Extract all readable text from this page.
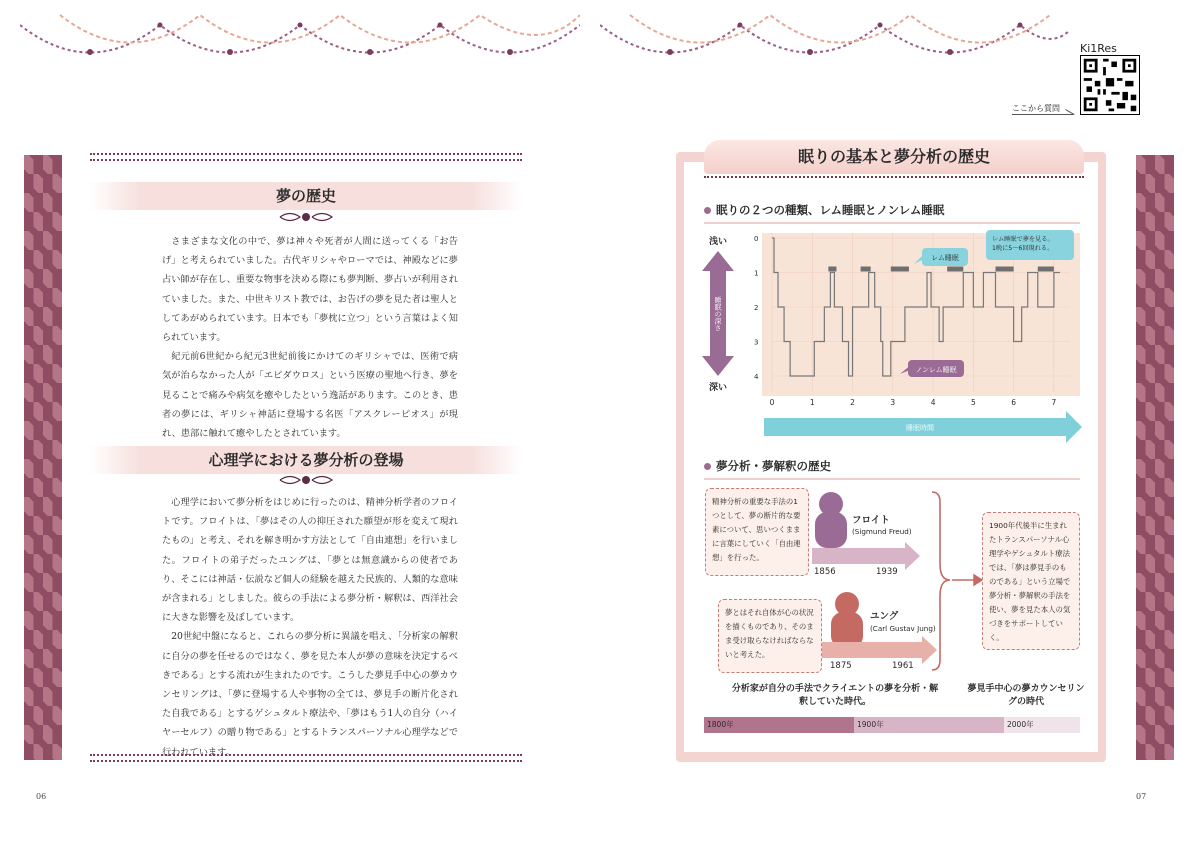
Ki1Res
ここから質問
夢の歴史

さまざまな文化の中で、夢は神々や死者が人間に送ってくる「お告げ」と考えられていました。古代ギリシャやローマでは、神殿などに夢占い師が存在し、重要な物事を決める際にも夢判断、夢占いが利用されていました。また、中世キリスト教では、お告げの夢を見た者は聖人としてあがめられています。日本でも「夢枕に立つ」という言葉はよく知られています。

紀元前6世紀から紀元3世紀前後にかけてのギリシャでは、医術で病気が治らなかった人が「エピダウロス」という医療の聖地へ行き、夢を見ることで痛みや病気を癒やしたという逸話があります。このとき、患者の夢には、ギリシャ神話に登場する名医「アスクレーピオス」が現れ、患部に触れて癒やしたとされています。

心理学における夢分析の登場

心理学において夢分析をはじめに行ったのは、精神分析学者のフロイトです。フロイトは、「夢はその人の抑圧された願望が形を変えて現れたもの」と考え、それを解き明かす方法として「自由連想」を行いました。フロイトの弟子だったユングは、「夢とは無意識からの使者であり、そこには神話・伝説など個人の経験を越えた民族的、人類的な意味が含まれる」としました。彼らの手法による夢分析・解釈は、西洋社会に大きな影響を及ぼしています。

20世紀中盤になると、これらの夢分析に異議を唱え、「分析家の解釈に自分の夢を任せるのではなく、夢を見た本人が夢の意味を決定するべきである」とする流れが生まれたのです。こうした夢見手中心の夢カウンセリングは、「夢に登場する人や事物の全ては、夢見手の断片化された自我である」とするゲシュタルト療法や、「夢はもう1人の自分（ハイヤーセルフ）の贈り物である」とするトランスパーソナル心理学などで行われています。

06
眠りの基本と夢分析の歴史
眠りの２つの種類、レム睡眠とノンレム睡眠
浅い
深い
睡眠の深さ
0
1
2
3
4
0	1	2	3	4	5	6	7
睡眠時間
レム睡眠
レム睡眠で夢を見る。 1晩に5～6回現れる。
ノンレム睡眠
夢分析・夢解釈の歴史
精神分析の重要な手法の1つとして、夢の断片的な要素について、思いつくままに言葉にしていく「自由連想」を行った。
フロイト
(Sigmund Freud)
1856	1939
夢とはそれ自体が心の状況を描くものであり、そのまま受け取らなければならないと考えた。
ユング
(Carl Gustav Jung)
1875	1961
1900年代後半に生まれたトランスパーソナル心理学やゲシュタルト療法では、「夢は夢見手のものである」という立場で夢分析・夢解釈の手法を使い、夢を見た本人の気づきをサポートしていく。
分析家が自分の手法でクライエントの夢を分析・解釈していた時代。
夢見手中心の夢カウンセリングの時代
1800年	1900年	2000年
07
